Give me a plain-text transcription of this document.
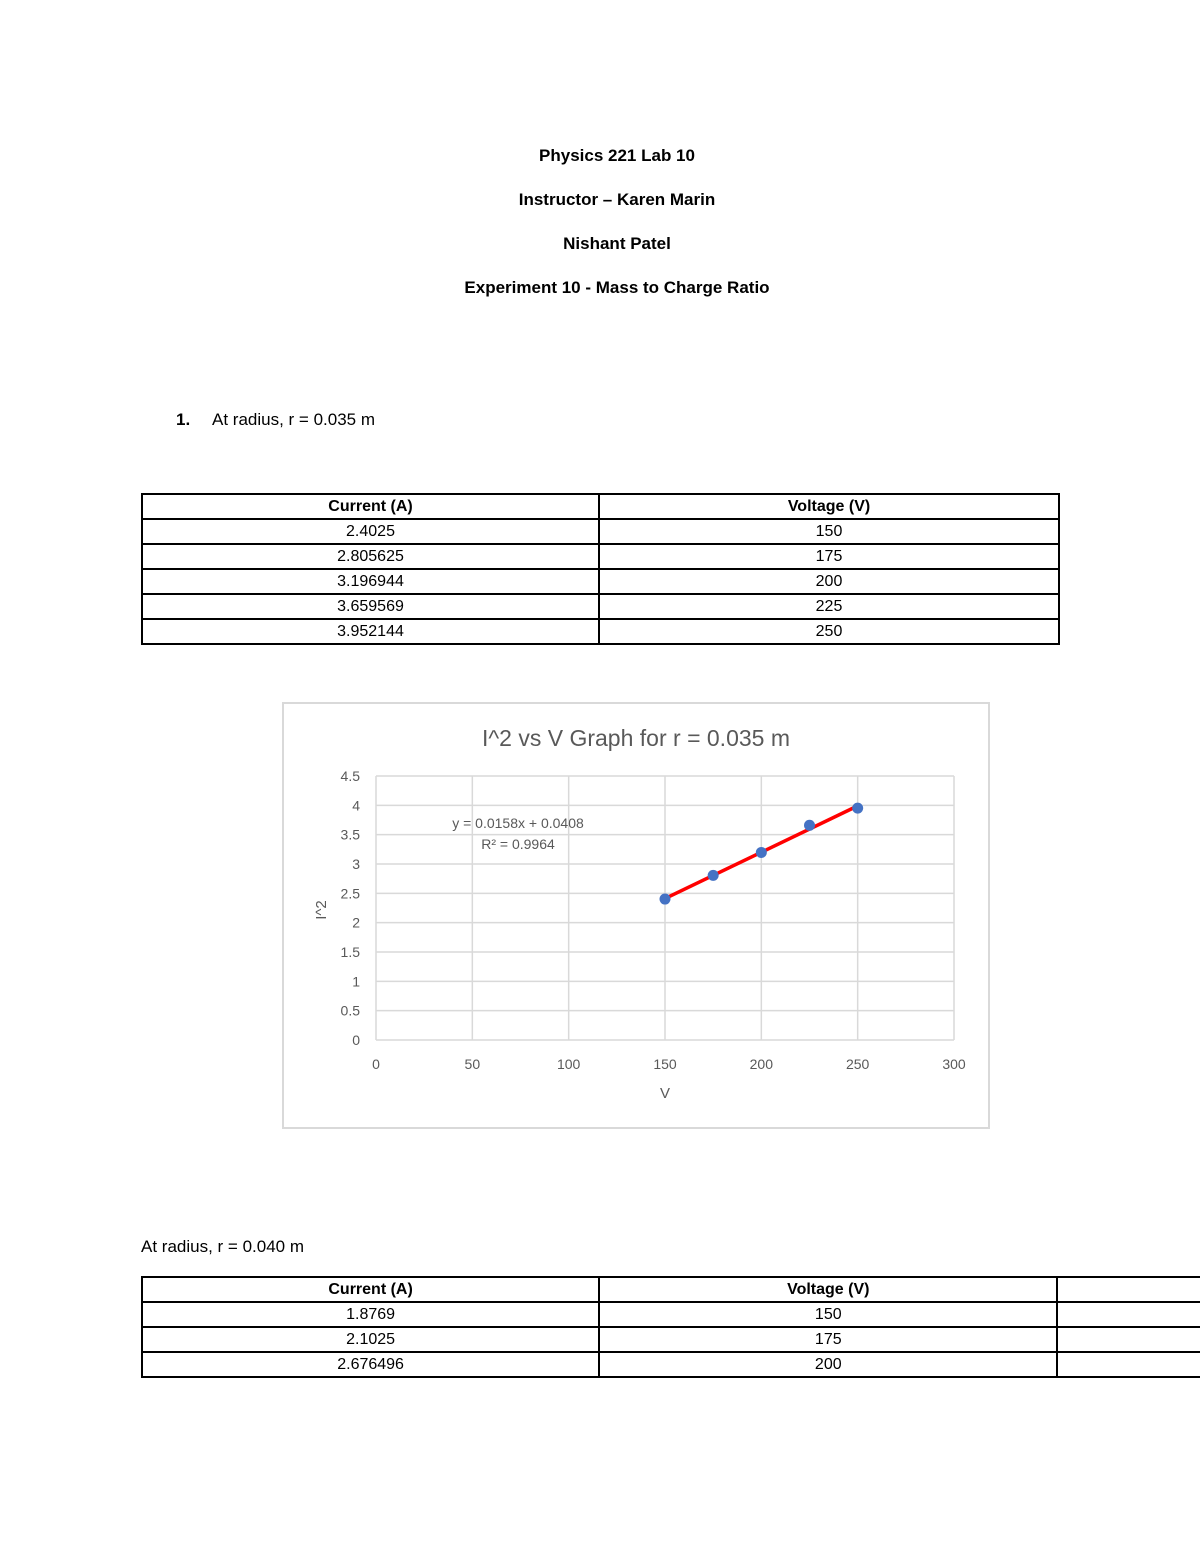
Physics 221 Lab 10
Instructor – Karen Marin
Nishant Patel
Experiment 10 - Mass to Charge Ratio
1. At radius, r = 0.035 m
Current (A)	Voltage (V)
2.4025	150
2.805625	175
3.196944	200
3.659569	225
3.952144	250
I^2 vs V Graph for r = 0.035 m
0
0.5
1
1.5
2
2.5
3
3.5
4
4.5
0	50	100	150	200	250	300
V
I^2
y = 0.0158x + 0.0408
R² = 0.9964
At radius, r = 0.040 m
Current (A)	Voltage (V)	
1.8769	150	
2.1025	175	
2.676496	200	
